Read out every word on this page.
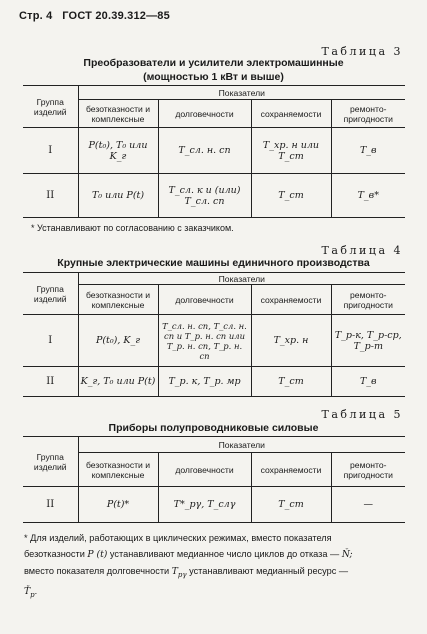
Стр. 4 ГОСТ 20.39.312—85
Таблица 3
Преобразователи и усилители электромашинные
(мощностью 1 кВт и выше)
Группа изделий	Показатели			
	безотказности и комплексные	долговечности	сохраняемости	ремонто-пригодности
I	P(t₀), T₀ или K_г	T_сл. н. сп	T_хр. н или T_ст	T_в
II	T₀ или P(t)	T_сл. к и (или) T_сл. сп	T_ст	T_в*
* Устанавливают по согласованию с заказчиком.
Таблица 4
Крупные электрические машины единичного производства
Группа изделий	Показатели			
	безотказности и комплексные	долговечности	сохраняемости	ремонто-пригодности
I	P(t₀), K_г	T_сл. н. сп, T_сл. н. сп и T_р. н. сп или T_р. н. сп, T_р. н. сп	T_хр. н	T_р-к, T_р-ср, T_р-т
II	K_г, T₀ или P(t)	T_р. к, T_р. мр	T_ст	T_в
Таблица 5
Приборы полупроводниковые силовые
Группа изделий	Показатели			
	безотказности и комплексные	долговечности	сохраняемости	ремонто-пригодности
II	P(t)*	T*_рγ, T_слγ	T_ст	—
* Для изделий, работающих в циклических режимах, вместо показателя
безотказности P (t) устанавливают медианное число циклов до отказа — Ň;
вместо показателя долговечности $T_{р\gamma}$ устанавливают медианный ресурс —
$Ť_р$.
